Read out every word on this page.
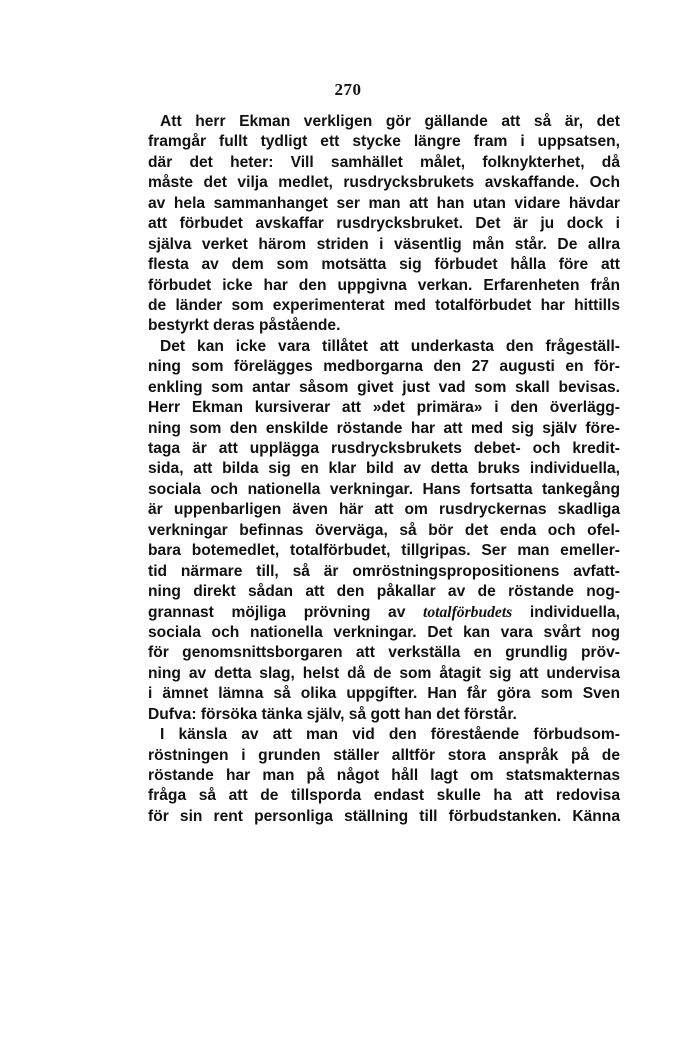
270
Att herr Ekman verkligen gör gällande att så är, det
framgår fullt tydligt ett stycke längre fram i uppsatsen,
där det heter: Vill samhället målet, folknykterhet, då
måste det vilja medlet, rusdrycksbrukets avskaffande. Och
av hela sammanhanget ser man att han utan vidare hävdar
att förbudet avskaffar rusdrycksbruket. Det är ju dock i
själva verket härom striden i väsentlig mån står. De allra
flesta av dem som motsätta sig förbudet hålla före att
förbudet icke har den uppgivna verkan. Erfarenheten från
de länder som experimenterat med totalförbudet har hittills
bestyrkt deras påstående.
Det kan icke vara tillåtet att underkasta den frågeställ-
ning som föreläggеs medborgarna den 27 augusti en för-
enkling som antar såsom givet just vad som skall bevisas.
Herr Ekman kursiverar att »det primära» i den överlägg-
ning som den enskilde röstande har att med sig själv före-
taga är att upplägga rusdrycksbrukets debet- och kredit-
sida, att bilda sig en klar bild av detta bruks individuella,
sociala och nationella verkningar. Hans fortsatta tankegång
är uppenbarligen även här att om rusdryckernas skadliga
verkningar befinnas överväga, så bör det enda och ofel-
bara botemedlet, totalförbudet, tillgripas. Ser man emeller-
tid närmare till, så är omröstningspropositionens avfatt-
ning direkt sådan att den påkallar av de röstande nog-
grannast möjliga prövning av totalförbudets individuella,
sociala och nationella verkningar. Det kan vara svårt nog
för genomsnittsborgaren att verkställa en grundlig pröv-
ning av detta slag, helst då de som åtagit sig att undervisa
i ämnet lämna så olika uppgifter. Han får göra som Sven
Dufva: försöka tänka själv, så gott han det förstår.
I känsla av att man vid den förestående förbudsom-
röstningen i grunden ställer alltför stora anspråk på de
röstande har man på något håll lagt om statsmakternas
fråga så att de tillsporda endast skulle ha att redovisa
för sin rent personliga ställning till förbudstanken. Känna
